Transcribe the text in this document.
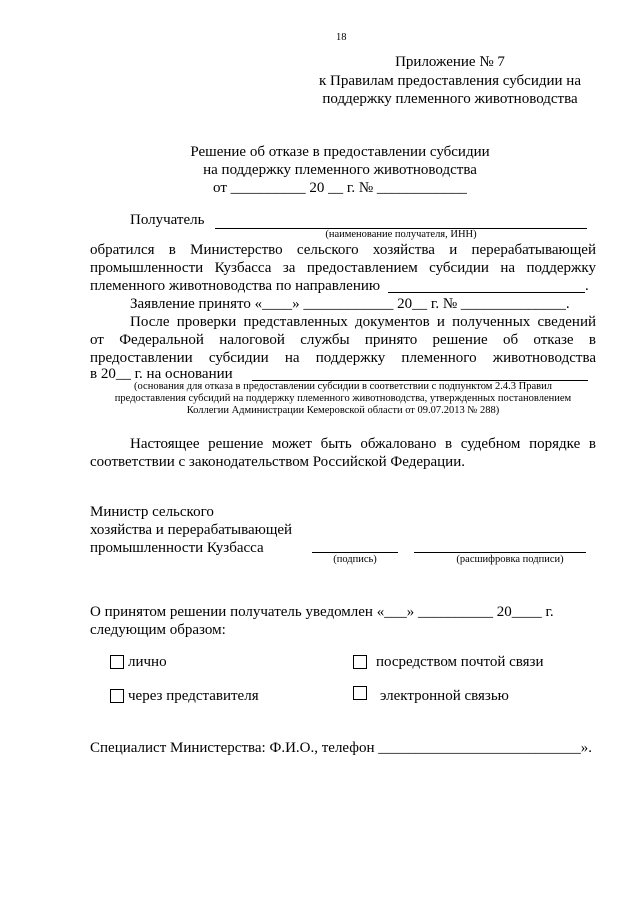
18
Приложение № 7
к Правилам предоставления субсидии на
поддержку племенного животноводства
Решение об отказе в предоставлении субсидии
на поддержку племенного животноводства
от __________ 20 __ г. № ____________
Получатель
(наименование получателя, ИНН)
обратился в Министерство сельского хозяйства и перерабатывающей
промышленности Кузбасса за предоставлением субсидии на поддержку
племенного животноводства по направлению	.
Заявление принято «____» ____________ 20__ г. № ______________.
После проверки представленных документов и полученных сведений
от Федеральной налоговой службы принято решение об отказе в
предоставлении субсидии на поддержку племенного животноводства
в 20__ г. на основании
(основания для отказа в предоставлении субсидии в соответствии с подпунктом 2.4.3 Правил
предоставления субсидий на поддержку племенного животноводства, утвержденных постановлением
Коллегии Администрации Кемеровской области от 09.07.2013 № 288)
Настоящее решение может быть обжаловано в судебном порядке в
соответствии с законодательством Российской Федерации.
Министр сельского
хозяйства и перерабатывающей
промышленности Кузбасса
(подпись)	(расшифровка подписи)
О принятом решении получатель уведомлен «___» __________ 20____ г.
следующим образом:
лично	посредством почтой связи
через представителя	электронной связью
Специалист Министерства: Ф.И.О., телефон ___________________________».
